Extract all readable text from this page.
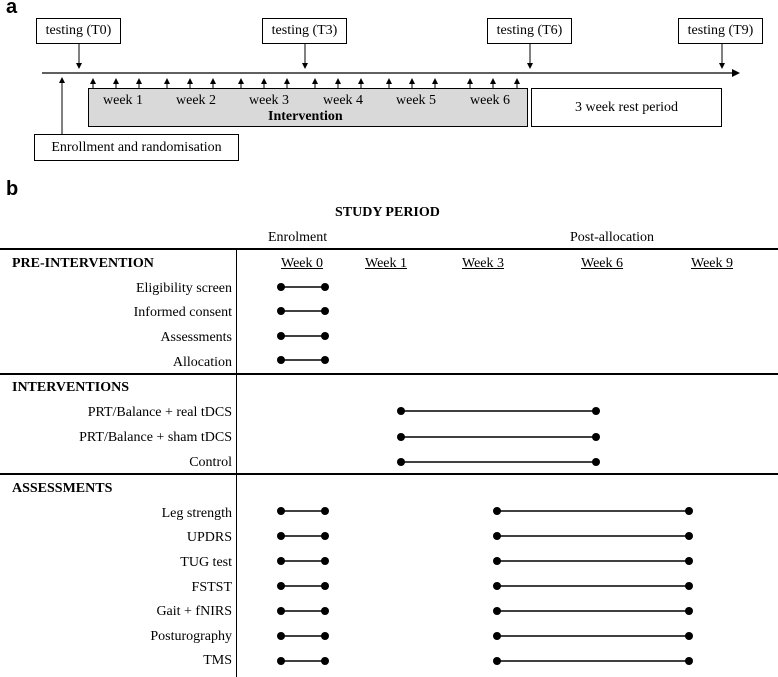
a
testing (T0)	testing (T3)	testing (T6)	testing (T9)
week 1 week 2 week 3 week 4 week 5 week 6
Intervention
3 week rest period
Enrollment and randomisation
b
STUDY PERIOD
Enrolment	Post-allocation
Week 0	Week 1	Week 3	Week 6	Week 9
PRE-INTERVENTION
Eligibility screen
Informed consent
Assessments
Allocation
INTERVENTIONS
PRT/Balance + real tDCS
PRT/Balance + sham tDCS
Control
ASSESSMENTS
Leg strength
UPDRS
TUG test
FSTST
Gait + fNIRS
Posturography
TMS
